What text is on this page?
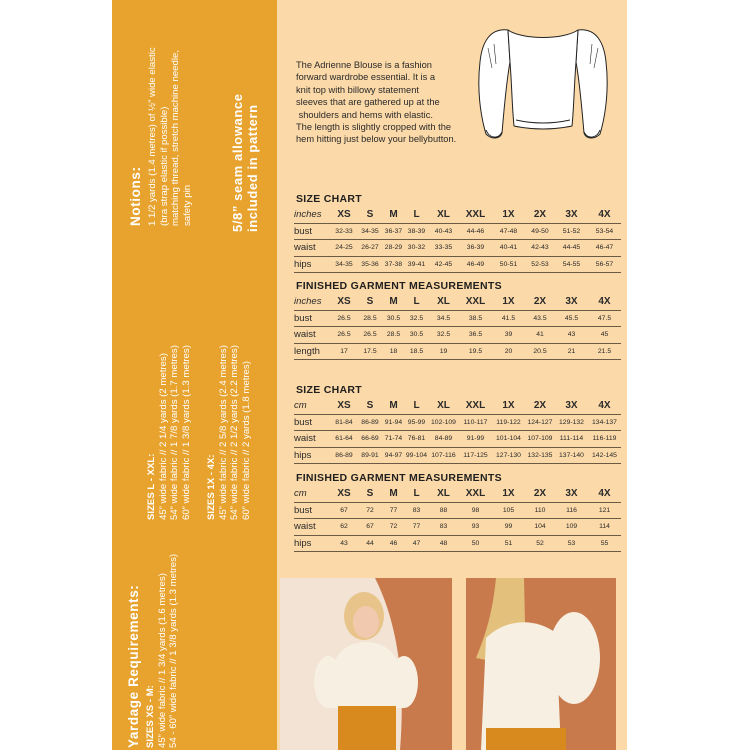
Notions: 1 1/2 yards (1.4 metres) of ½” wide elastic (bra strap elastic if possible) matching thread, stretch machine needle, safety pin	5/8” seam allowance included in pattern
Yardage Requirements: SIZES XS - M: 45” wide fabric // 1 3/4 yards (1.6 metres) 54 - 60” wide fabric // 1 3/8 yards (1.3 metres)
SIZES L - XXL: 45” wide fabric // 2 1/4 yards (2 metres) 54” wide fabric // 1 7/8 yards (1.7 metres) 60” wide fabric // 1 3/8 yards (1.3 metres) SIZES 1X - 4X: 45” wide fabric // 2 5/8 yards (2.4 metres) 54” wide fabric // 2 1/2 yards (2.2 metres) 60” wide fabric // 2 yards (1.8 metres)

The Adrienne Blouse is a fashion

forward wardrobe essential. It is a

knit top with billowy statement

sleeves that are gathered up at the

shoulders and hems with elastic.

The length is slightly cropped with the

hem hitting just below your bellybutton.

SIZE CHART
inches	XS	S	M	L	XL	XXL	1X	2X	3X	4X
bust	32-33	34-35	36-37	38-39	40-43	44-46	47-48	49-50	51-52	53-54
waist	24-25	26-27	28-29	30-32	33-35	36-39	40-41	42-43	44-45	46-47
hips	34-35	35-36	37-38	39-41	42-45	46-49	50-51	52-53	54-55	56-57
FINISHED GARMENT MEASUREMENTS
inches	XS	S	M	L	XL	XXL	1X	2X	3X	4X
bust	26.5	28.5	30.5	32.5	34.5	38.5	41.5	43.5	45.5	47.5
waist	26.5	26.5	28.5	30.5	32.5	36.5	39	41	43	45
length	17	17.5	18	18.5	19	19.5	20	20.5	21	21.5
SIZE CHART
cm	XS	S	M	L	XL	XXL	1X	2X	3X	4X
bust	81-84	86-89	91-94	95-99	102-109	110-117	119-122	124-127	129-132	134-137
waist	61-64	66-69	71-74	76-81	84-89	91-99	101-104	107-109	111-114	116-119
hips	86-89	89-91	94-97	99-104	107-116	117-125	127-130	132-135	137-140	142-145
FINISHED GARMENT MEASUREMENTS
cm	XS	S	M	L	XL	XXL	1X	2X	3X	4X
bust	67	72	77	83	88	98	105	110	116	121
waist	62	67	72	77	83	93	99	104	109	114
hips	43	44	46	47	48	50	51	52	53	55
